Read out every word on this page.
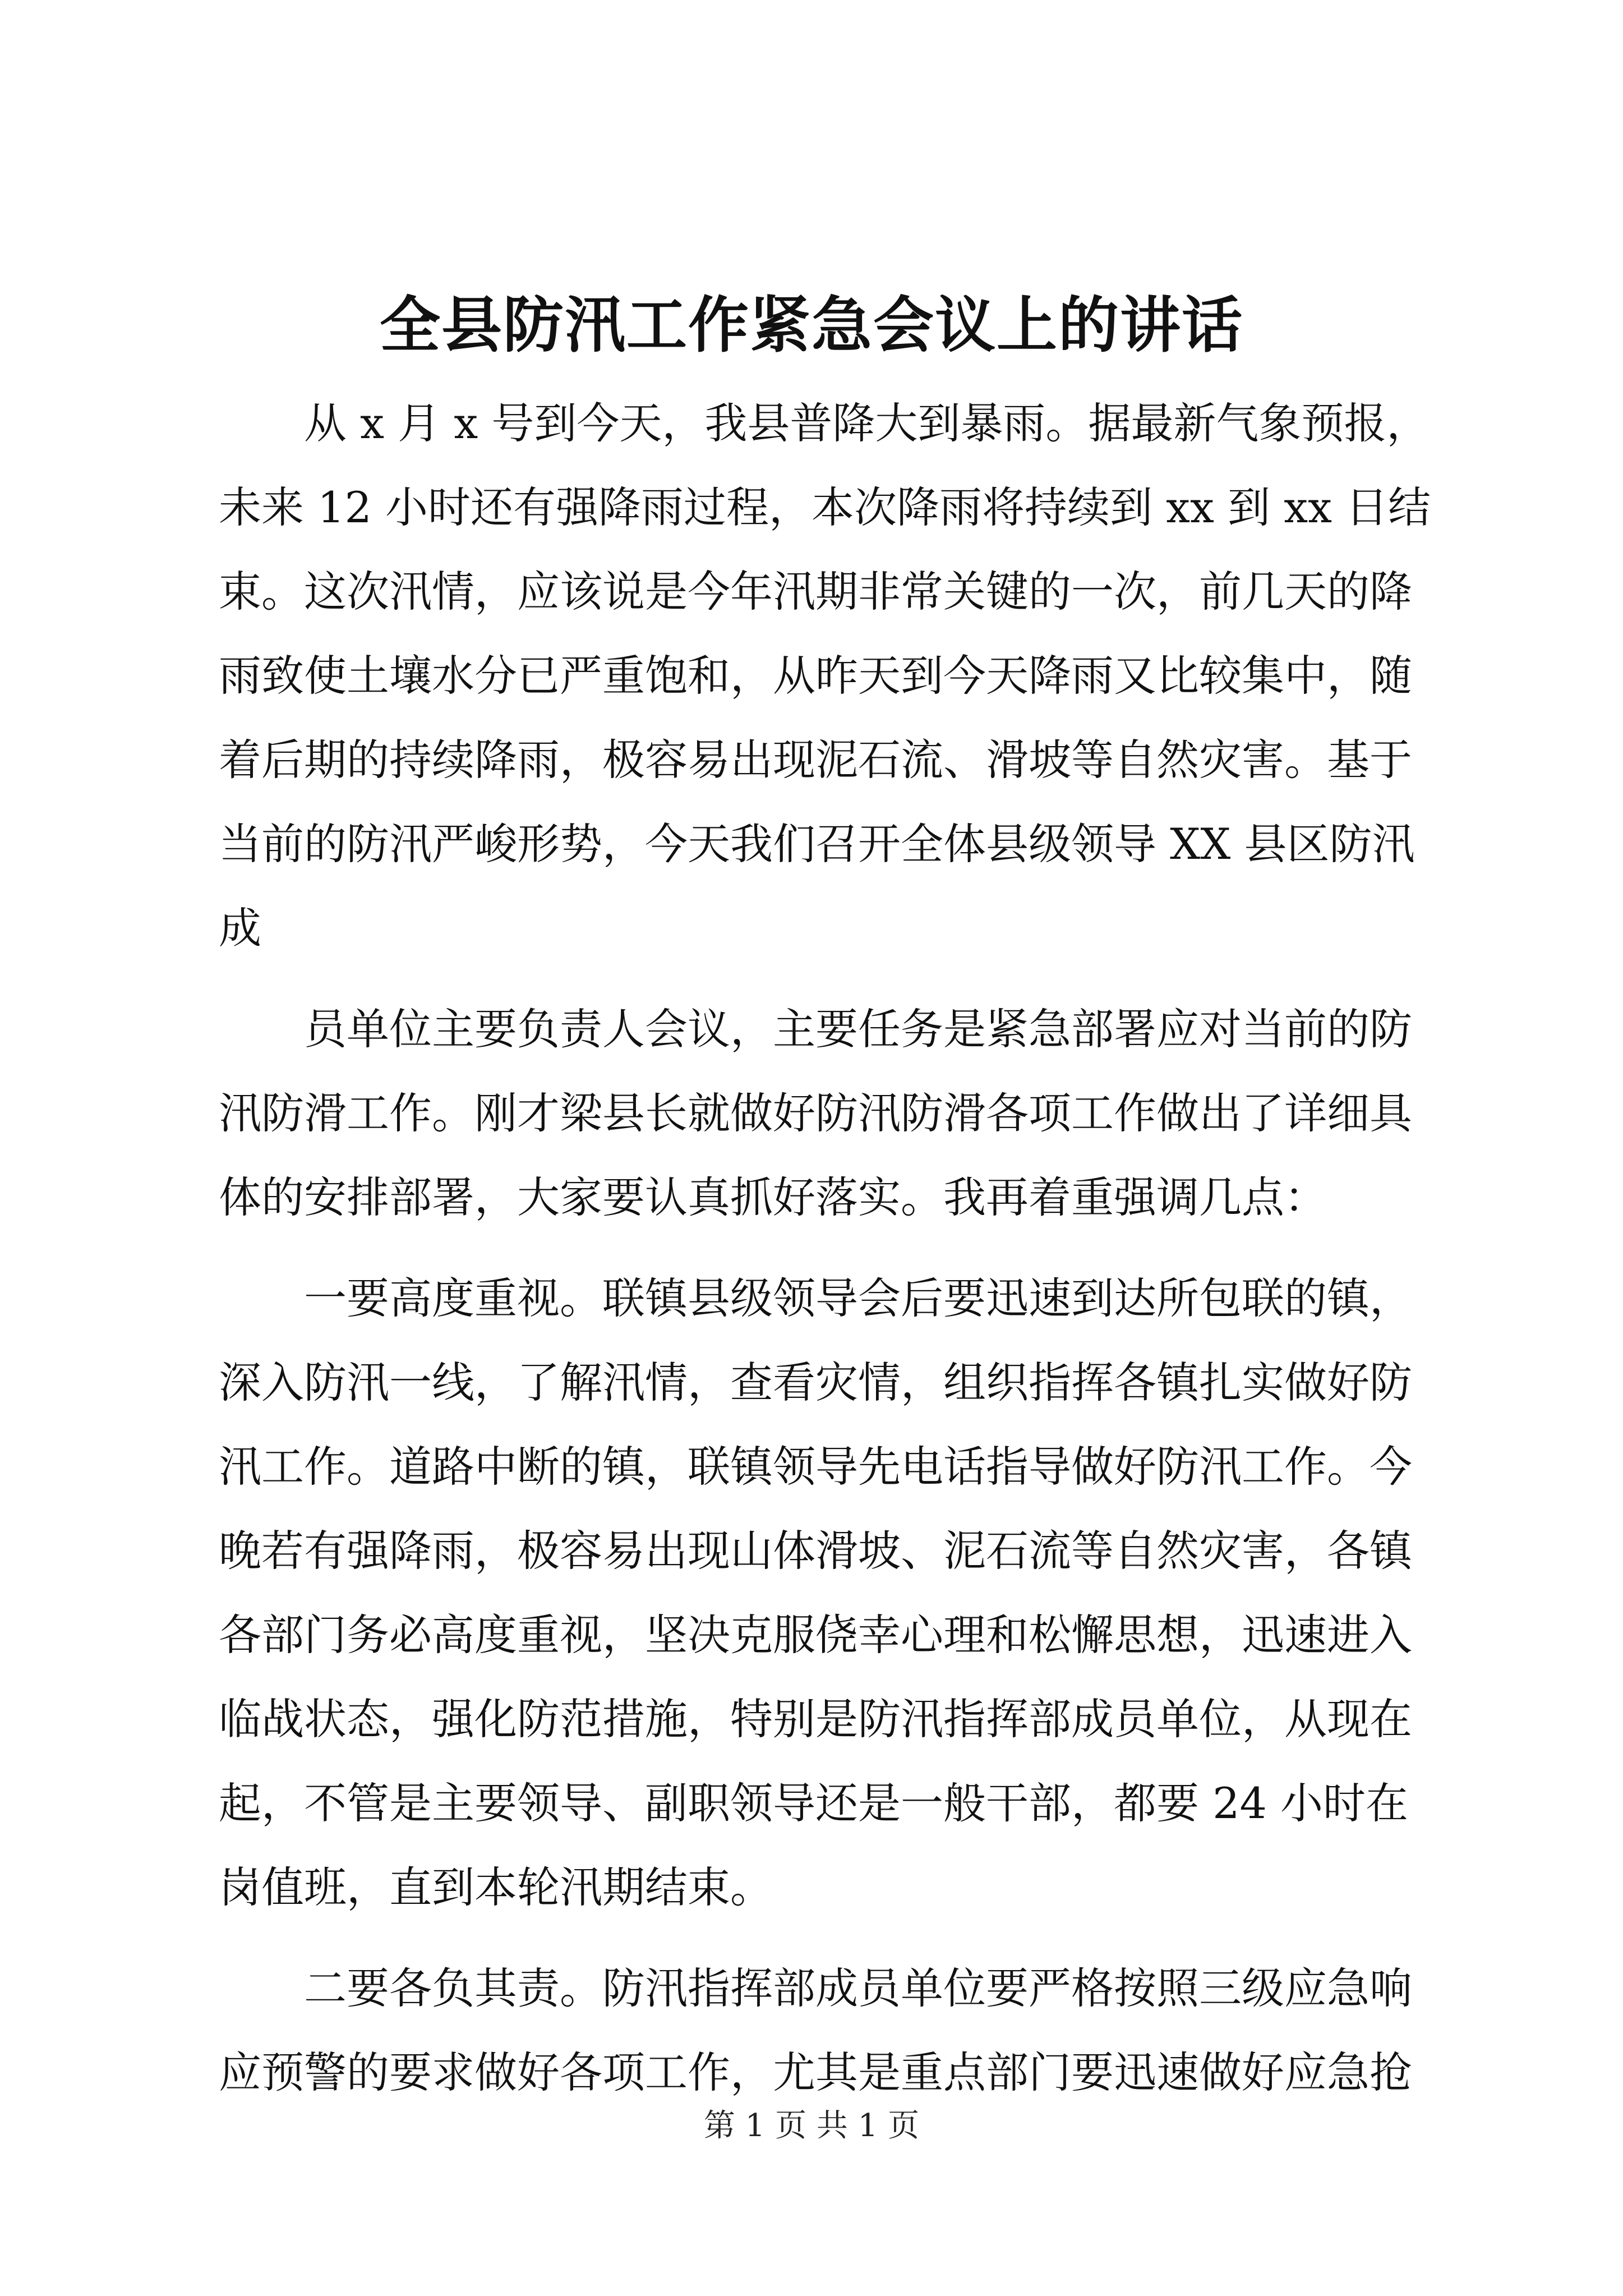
全县防汛工作紧急会议上的讲话

从 x 月 x 号到今天，我县普降大到暴雨。据最新气象预报，
未来 12 小时还有强降雨过程，本次降雨将持续到 xx 到 xx 日结
束。这次汛情，应该说是今年汛期非常关键的一次，前几天的降
雨致使土壤水分已严重饱和，从昨天到今天降雨又比较集中，随
着后期的持续降雨，极容易出现泥石流、滑坡等自然灾害。基于
当前的防汛严峻形势，今天我们召开全体县级领导 XX 县区防汛
成

员单位主要负责人会议，主要任务是紧急部署应对当前的防
汛防滑工作。刚才梁县长就做好防汛防滑各项工作做出了详细具
体的安排部署，大家要认真抓好落实。我再着重强调几点：

一要高度重视。联镇县级领导会后要迅速到达所包联的镇，
深入防汛一线，了解汛情，查看灾情，组织指挥各镇扎实做好防
汛工作。道路中断的镇，联镇领导先电话指导做好防汛工作。今
晚若有强降雨，极容易出现山体滑坡、泥石流等自然灾害，各镇
各部门务必高度重视，坚决克服侥幸心理和松懈思想，迅速进入
临战状态，强化防范措施，特别是防汛指挥部成员单位，从现在
起，不管是主要领导、副职领导还是一般干部，都要 24 小时在
岗值班，直到本轮汛期结束。

二要各负其责。防汛指挥部成员单位要严格按照三级应急响
应预警的要求做好各项工作，尤其是重点部门要迅速做好应急抢

第 1 页 共 1 页
